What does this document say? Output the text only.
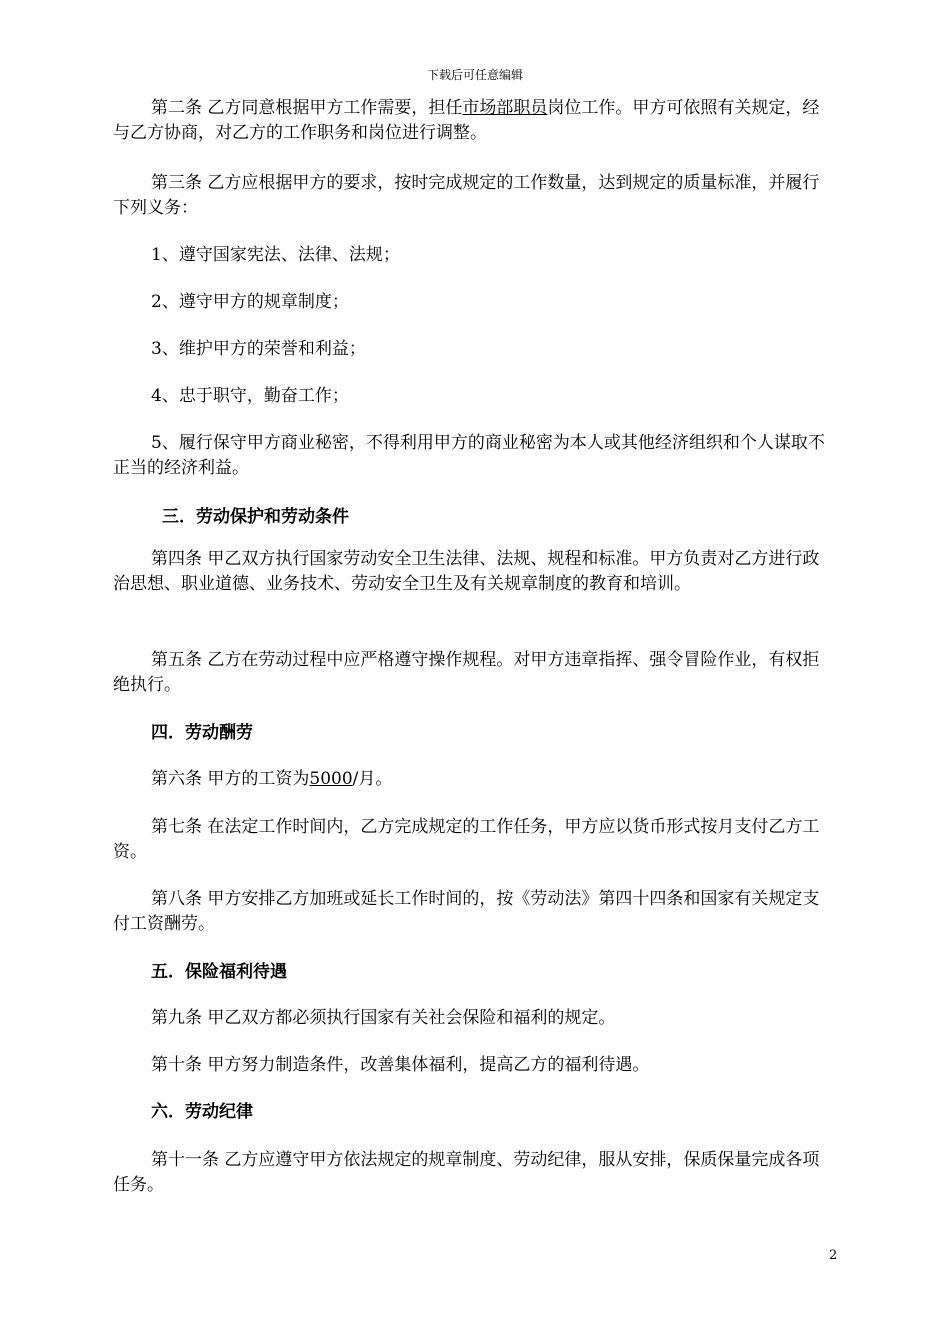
下载后可任意编辑

第二条 乙方同意根据甲方工作需要，担任市场部职员岗位工作。甲方可依照有关规定，经与乙方协商，对乙方的工作职务和岗位进行调整。

第三条 乙方应根据甲方的要求，按时完成规定的工作数量，达到规定的质量标准，并履行下列义务：

1、遵守国家宪法、法律、法规；

2、遵守甲方的规章制度；

3、维护甲方的荣誉和利益；

4、忠于职守，勤奋工作；

5、履行保守甲方商业秘密，不得利用甲方的商业秘密为本人或其他经济组织和个人谋取不正当的经济利益。

三．劳动保护和劳动条件

第四条 甲乙双方执行国家劳动安全卫生法律、法规、规程和标准。甲方负责对乙方进行政治思想、职业道德、业务技术、劳动安全卫生及有关规章制度的教育和培训。

第五条 乙方在劳动过程中应严格遵守操作规程。对甲方违章指挥、强令冒险作业，有权拒绝执行。

四．劳动酬劳

第六条 甲方的工资为5000/月。

第七条 在法定工作时间内，乙方完成规定的工作任务，甲方应以货币形式按月支付乙方工资。

第八条 甲方安排乙方加班或延长工作时间的，按《劳动法》第四十四条和国家有关规定支付工资酬劳。

五．保险福利待遇

第九条 甲乙双方都必须执行国家有关社会保险和福利的规定。

第十条 甲方努力制造条件，改善集体福利，提高乙方的福利待遇。

六．劳动纪律

第十一条 乙方应遵守甲方依法规定的规章制度、劳动纪律，服从安排，保质保量完成各项任务。

2
